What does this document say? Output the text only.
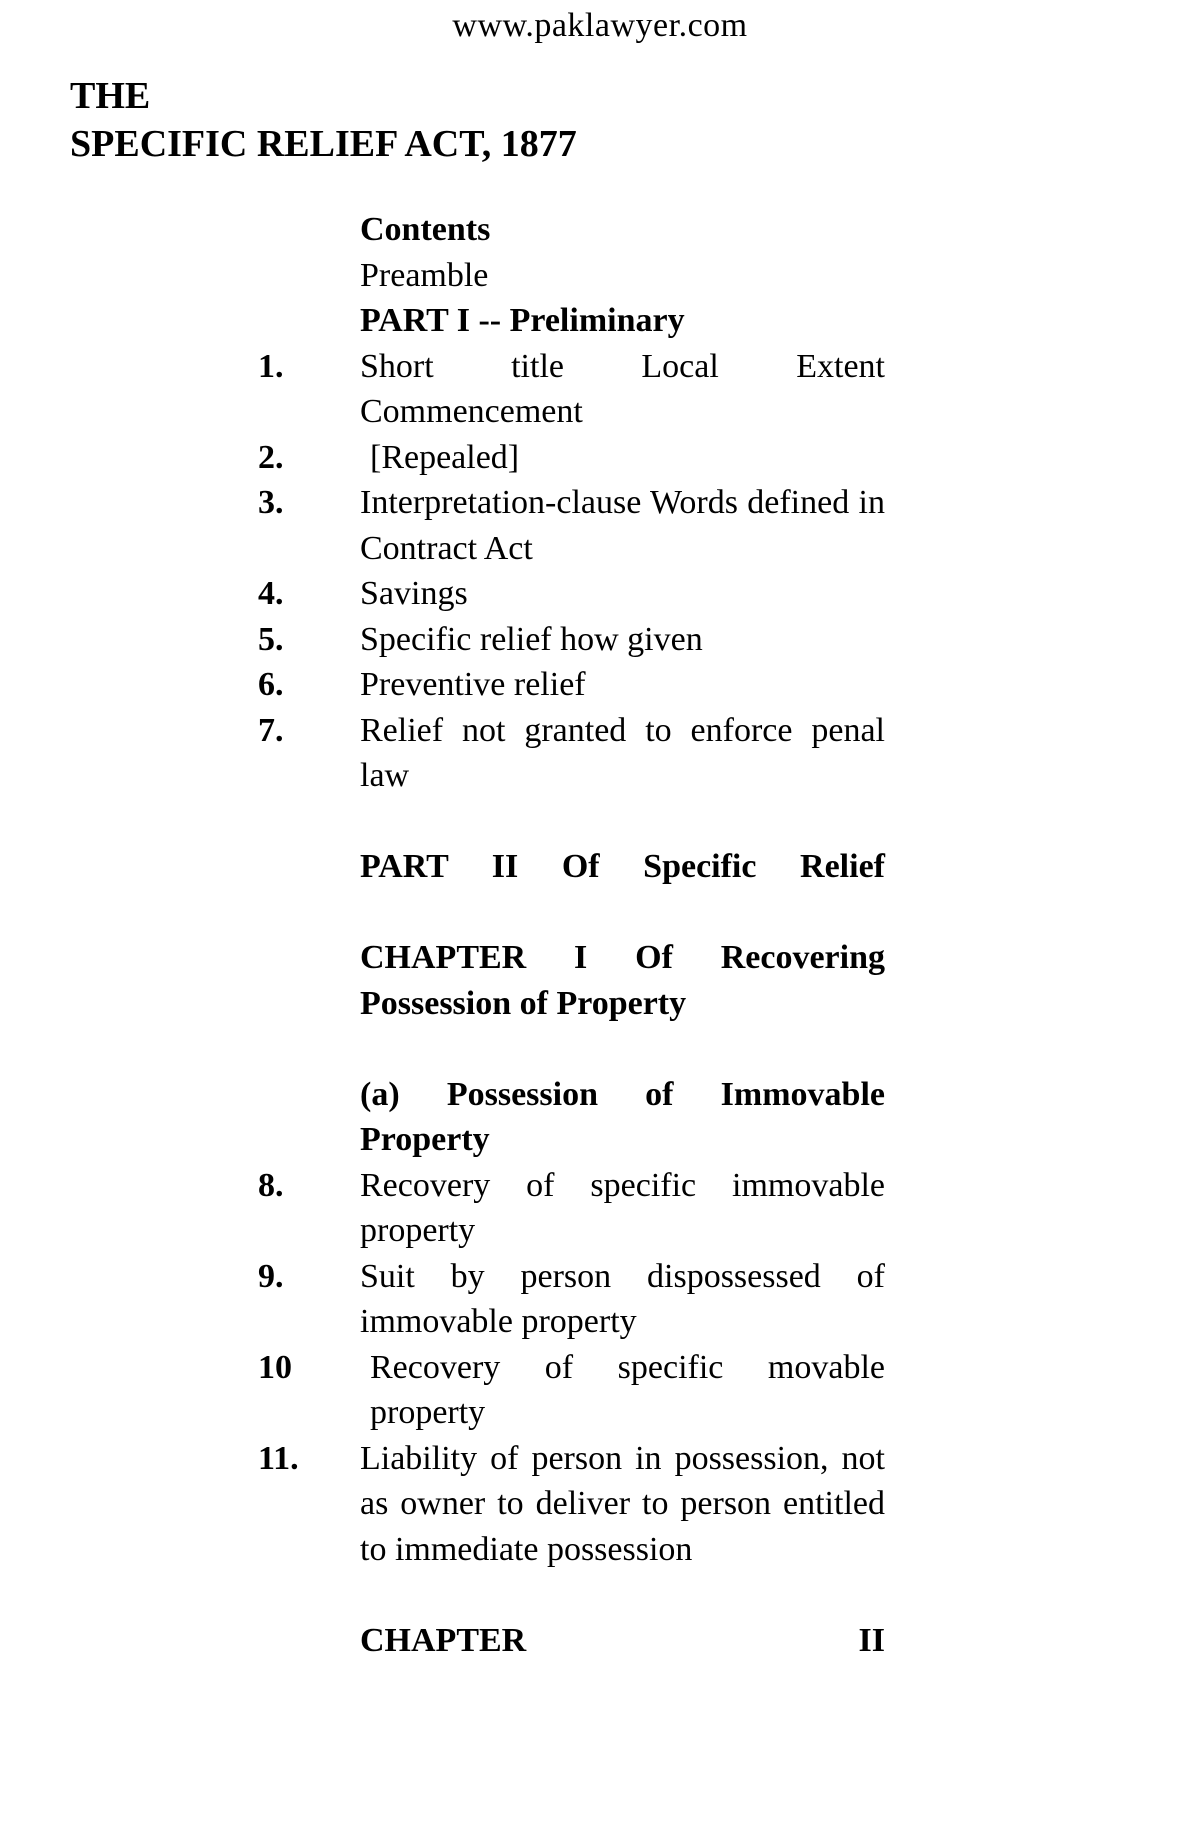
www.paklawyer.com
THE
SPECIFIC RELIEF ACT, 1877
Contents
Preamble
PART I -- Preliminary
1. Short title Local Extent Commencement
2.	[Repealed]
3. Interpretation-clause Words defined in Contract Act
4. Savings
5. Specific relief how given
6. Preventive relief
7. Relief not granted to enforce penal law
PART II Of Specific Relief
CHAPTER I Of Recovering Possession of Property
(a) Possession of Immovable Property
8. Recovery of specific immovable property
9. Suit by person dispossessed of immovable property
10 Recovery of specific movable property
11. Liability of person in possession, not as owner to deliver to person entitled to immediate possession
CHAPTER II
